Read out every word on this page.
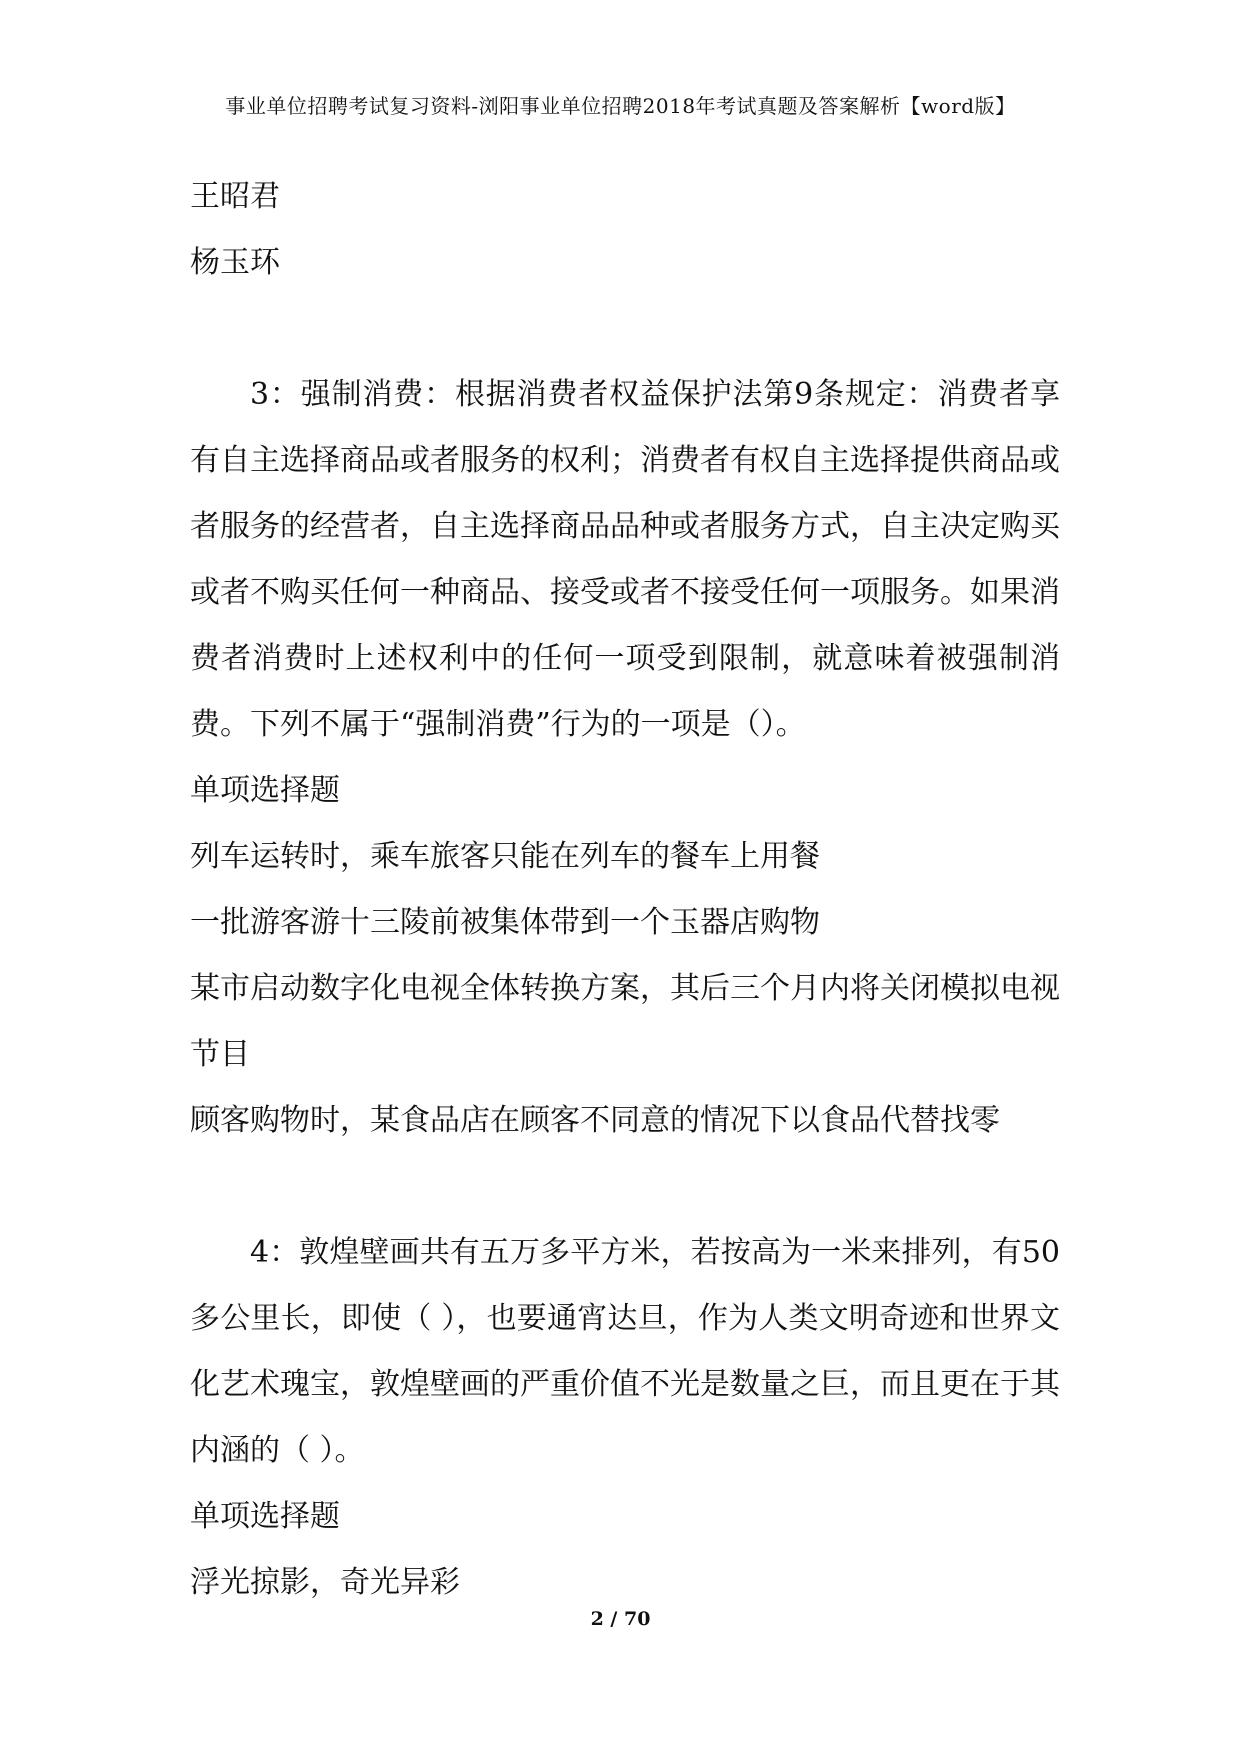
事业单位招聘考试复习资料-浏阳事业单位招聘2018年考试真题及答案解析【word版】
王昭君
杨玉环

3：强制消费：根据消费者权益保护法第9条规定：消费者享有自主选择商品或者服务的权利；消费者有权自主选择提供商品或者服务的经营者，自主选择商品品种或者服务方式，自主决定购买或者不购买任何一种商品、接受或者不接受任何一项服务。如果消费者消费时上述权利中的任何一项受到限制，就意味着被强制消费。下列不属于“强制消费”行为的一项是（）。

单项选择题
列车运转时，乘车旅客只能在列车的餐车上用餐
一批游客游十三陵前被集体带到一个玉器店购物

某市启动数字化电视全体转换方案，其后三个月内将关闭模拟电视节目

顾客购物时，某食品店在顾客不同意的情况下以食品代替找零

4：敦煌壁画共有五万多平方米，若按高为一米来排列，有50多公里长，即使（ ），也要通宵达旦，作为人类文明奇迹和世界文化艺术瑰宝，敦煌壁画的严重价值不光是数量之巨，而且更在于其内涵的（ ）。

单项选择题
浮光掠影，奇光异彩
2 / 70
